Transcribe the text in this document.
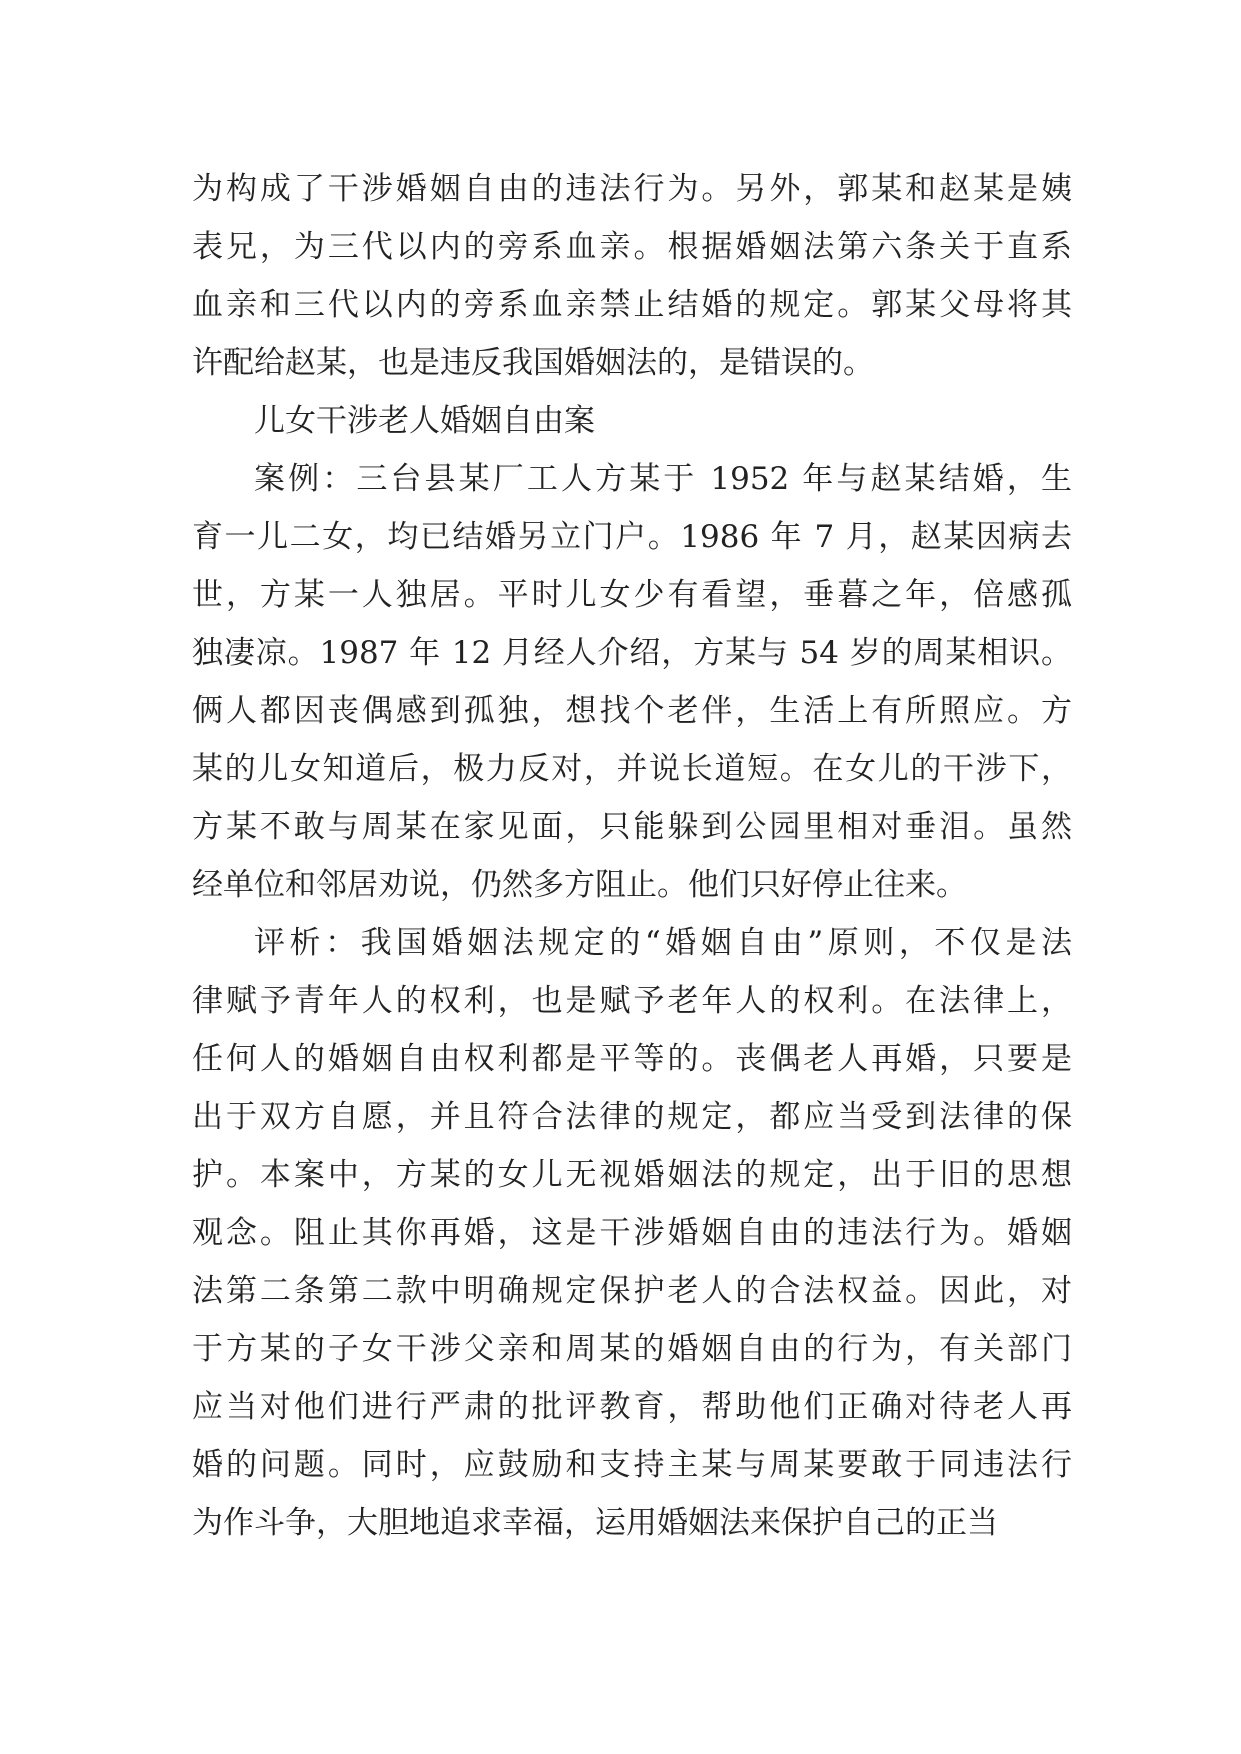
为构成了干涉婚姻自由的违法行为。另外，郭某和赵某是姨
表兄，为三代以内的旁系血亲。根据婚姻法第六条关于直系
血亲和三代以内的旁系血亲禁止结婚的规定。郭某父母将其
许配给赵某，也是违反我国婚姻法的，是错误的。
儿女干涉老人婚姻自由案
案例：三台县某厂工人方某于 1952 年与赵某结婚，生
育一儿二女，均已结婚另立门户。1986 年 7 月，赵某因病去
世，方某一人独居。平时儿女少有看望，垂暮之年，倍感孤
独凄凉。1987 年 12 月经人介绍，方某与 54 岁的周某相识。
俩人都因丧偶感到孤独，想找个老伴，生活上有所照应。方
某的儿女知道后，极力反对，并说长道短。在女儿的干涉下，
方某不敢与周某在家见面，只能躲到公园里相对垂泪。虽然
经单位和邻居劝说，仍然多方阻止。他们只好停止往来。
评析：我国婚姻法规定的“婚姻自由”原则，不仅是法
律赋予青年人的权利，也是赋予老年人的权利。在法律上，
任何人的婚姻自由权利都是平等的。丧偶老人再婚，只要是
出于双方自愿，并且符合法律的规定，都应当受到法律的保
护。本案中，方某的女儿无视婚姻法的规定，出于旧的思想
观念。阻止其你再婚，这是干涉婚姻自由的违法行为。婚姻
法第二条第二款中明确规定保护老人的合法权益。因此，对
于方某的子女干涉父亲和周某的婚姻自由的行为，有关部门
应当对他们进行严肃的批评教育，帮助他们正确对待老人再
婚的问题。同时，应鼓励和支持主某与周某要敢于同违法行
为作斗争，大胆地追求幸福，运用婚姻法来保护自己的正当
